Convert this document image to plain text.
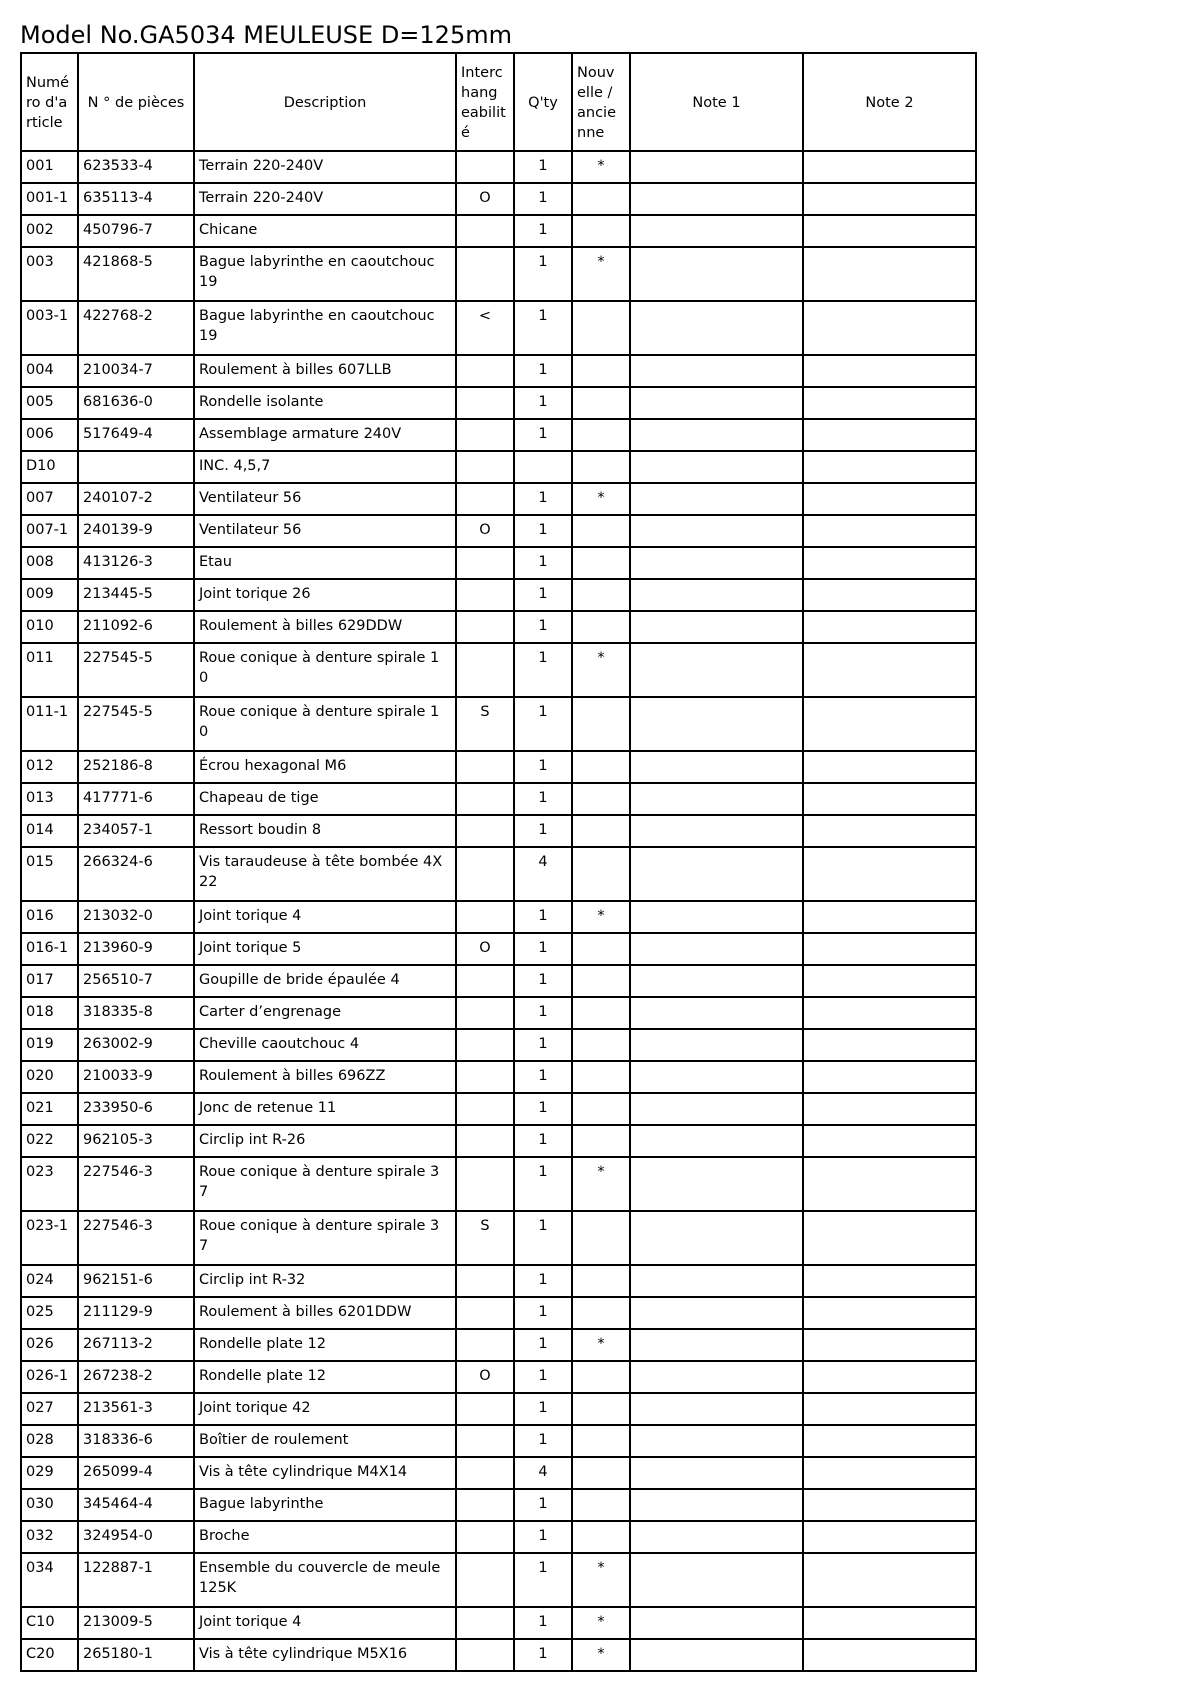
Model No.GA5034 MEULEUSE D=125mm
Numé ro d'a rticle	N ° de pièces	Description	Interc hang eabilit é	Q'ty	Nouv elle / ancie nne	Note 1	Note 2
001	623533-4	Terrain 220-240V		1	*		
001-1	635113-4	Terrain 220-240V	O	1			
002	450796-7	Chicane		1			
003	421868-5	Bague labyrinthe en caoutchouc 19		1	*		
003-1	422768-2	Bague labyrinthe en caoutchouc 19	<	1			
004	210034-7	Roulement à billes 607LLB		1			
005	681636-0	Rondelle isolante		1			
006	517649-4	Assemblage armature 240V		1			
D10		INC. 4,5,7					
007	240107-2	Ventilateur 56		1	*		
007-1	240139-9	Ventilateur 56	O	1			
008	413126-3	Etau		1			
009	213445-5	Joint torique 26		1			
010	211092-6	Roulement à billes 629DDW		1			
011	227545-5	Roue conique à denture spirale 1 0		1	*		
011-1	227545-5	Roue conique à denture spirale 1 0	S	1			
012	252186-8	Écrou hexagonal M6		1			
013	417771-6	Chapeau de tige		1			
014	234057-1	Ressort boudin 8		1			
015	266324-6	Vis taraudeuse à tête bombée 4X 22		4			
016	213032-0	Joint torique 4		1	*		
016-1	213960-9	Joint torique 5	O	1			
017	256510-7	Goupille de bride épaulée 4		1			
018	318335-8	Carter d’engrenage		1			
019	263002-9	Cheville caoutchouc 4		1			
020	210033-9	Roulement à billes 696ZZ		1			
021	233950-6	Jonc de retenue 11		1			
022	962105-3	Circlip int R-26		1			
023	227546-3	Roue conique à denture spirale 3 7		1	*		
023-1	227546-3	Roue conique à denture spirale 3 7	S	1			
024	962151-6	Circlip int R-32		1			
025	211129-9	Roulement à billes 6201DDW		1			
026	267113-2	Rondelle plate 12		1	*		
026-1	267238-2	Rondelle plate 12	O	1			
027	213561-3	Joint torique 42		1			
028	318336-6	Boîtier de roulement		1			
029	265099-4	Vis à tête cylindrique M4X14		4			
030	345464-4	Bague labyrinthe		1			
032	324954-0	Broche		1			
034	122887-1	Ensemble du couvercle de meule 125K		1	*		
C10	213009-5	Joint torique 4		1	*		
C20	265180-1	Vis à tête cylindrique M5X16		1	*		
